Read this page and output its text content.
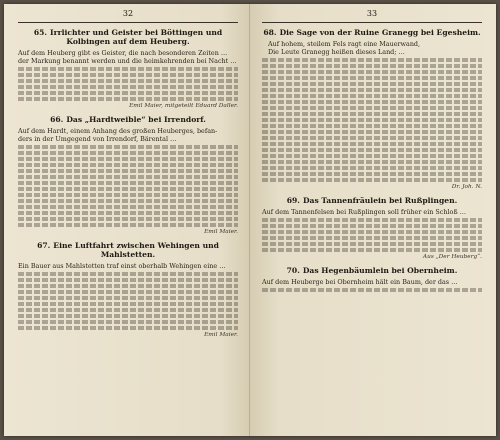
32
65. Irrlichter und Geister bei Böttingen und Kolbingen auf dem Heuberg.
Auf dem Heuberg gibt es Geister, die nach besonderen Zeiten …
der Markung benannt werden und die heimkehrenden bei Nacht …
Emil Maier, mitgeteilt Eduard Daller.
66. Das „Hardtweible“ bei Irrendorf.
Auf dem Hardt, einem Anhang des großen Heuberges, befan-
ders in der Umgegend von Irrendorf, Bärental …
Emil Maier.
67. Eine Luftfahrt zwischen Wehingen und Mahlstetten.
Ein Bauer aus Mahlstetten traf einst oberhalb Wehingen eine …
Emil Maier.
33
68. Die Sage von der Ruine Granegg bei Egesheim.
Auf hohem, steilem Fels ragt eine Mauerwand,
Die Leute Granegg heißen dieses Land; …
Dr. Joh. N.
69. Das Tannenfräulein bei Rußplingen.
Auf dem Tannenfelsen bei Rußplingen soll früher ein Schloß …
Aus „Der Heuberg“.
70. Das Hegenbäumlein bei Obernheim.
Auf dem Heuberge bei Obernheim hält ein Baum, der das …
